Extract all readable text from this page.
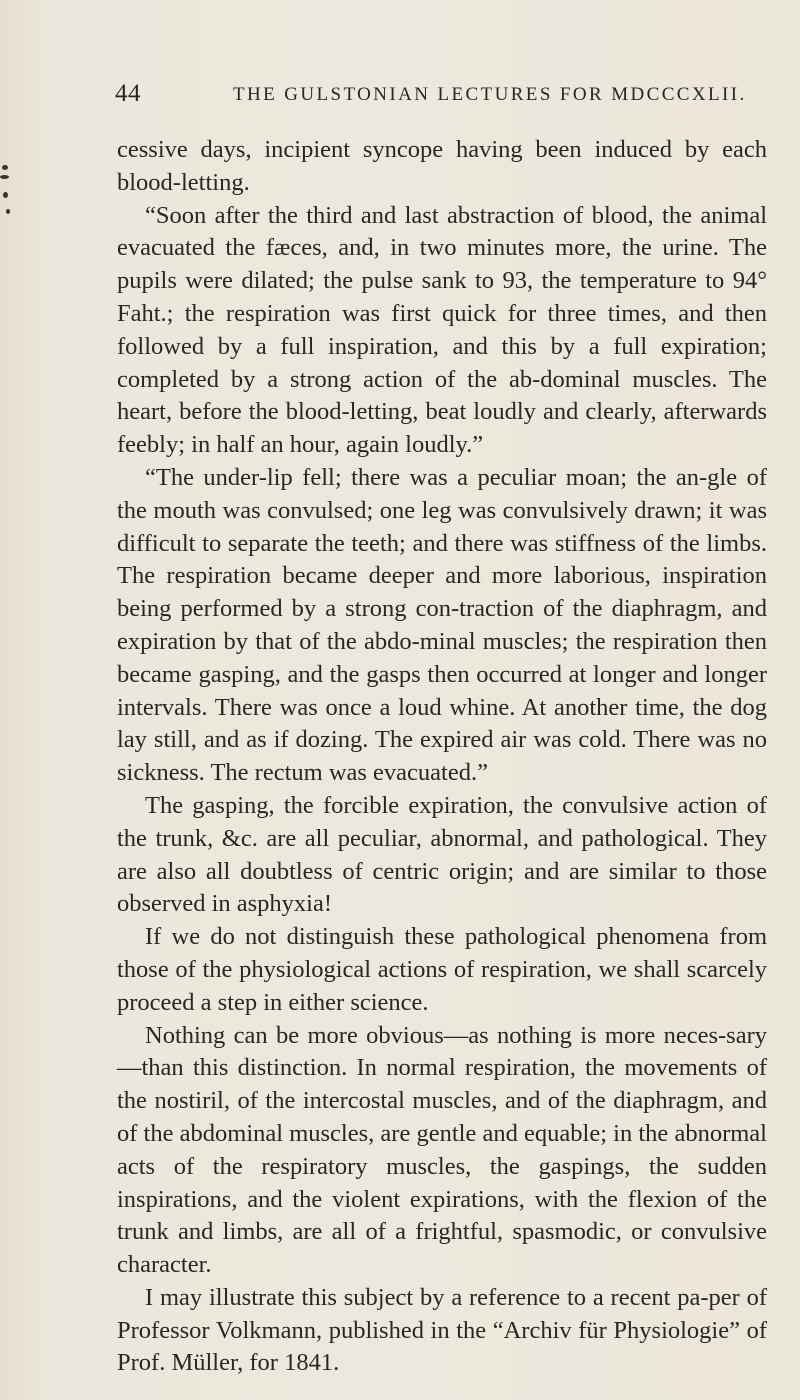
44	THE GULSTONIAN LECTURES FOR MDCCCXLII.

cessive days, incipient syncope having been induced by each blood-letting.

“Soon after the third and last abstraction of blood, the animal evacuated the fæces, and, in two minutes more, the urine. The pupils were dilated; the pulse sank to 93, the temperature to 94° Faht.; the respiration was first quick for three times, and then followed by a full inspiration, and this by a full expiration; completed by a strong action of the ab-dominal muscles. The heart, before the blood-letting, beat loudly and clearly, afterwards feebly; in half an hour, again loudly.”

“The under-lip fell; there was a peculiar moan; the an-gle of the mouth was convulsed; one leg was convulsively drawn; it was difficult to separate the teeth; and there was stiffness of the limbs. The respiration became deeper and more laborious, inspiration being performed by a strong con-traction of the diaphragm, and expiration by that of the abdo-minal muscles; the respiration then became gasping, and the gasps then occurred at longer and longer intervals. There was once a loud whine. At another time, the dog lay still, and as if dozing. The expired air was cold. There was no sickness. The rectum was evacuated.”

The gasping, the forcible expiration, the convulsive action of the trunk, &c. are all peculiar, abnormal, and pathological. They are also all doubtless of centric origin; and are similar to those observed in asphyxia!

If we do not distinguish these pathological phenomena from those of the physiological actions of respiration, we shall scarcely proceed a step in either science.

Nothing can be more obvious—as nothing is more neces-sary—than this distinction. In normal respiration, the movements of the nostiril, of the intercostal muscles, and of the diaphragm, and of the abdominal muscles, are gentle and equable; in the abnormal acts of the respiratory muscles, the gaspings, the sudden inspirations, and the violent expirations, with the flexion of the trunk and limbs, are all of a frightful, spasmodic, or convulsive character.

I may illustrate this subject by a reference to a recent pa-per of Professor Volkmann, published in the “Archiv für Physiologie” of Prof. Müller, for 1841.
